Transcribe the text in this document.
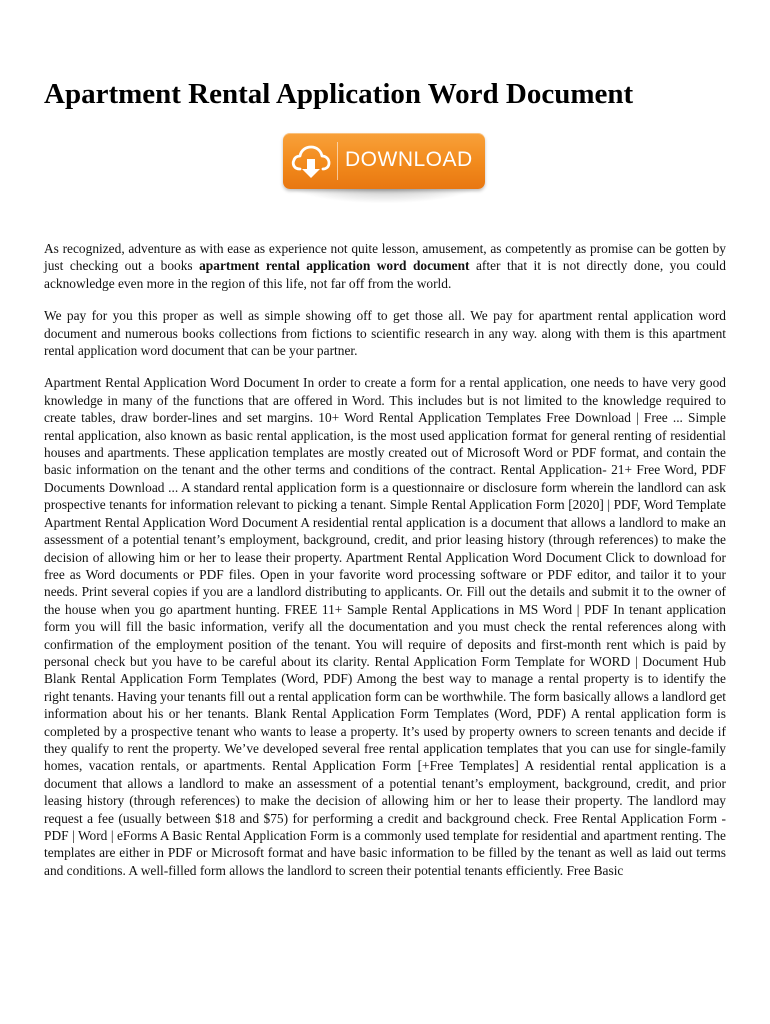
Apartment Rental Application Word Document
DOWNLOAD

As recognized, adventure as with ease as experience not quite lesson, amusement, as competently as promise can be gotten by just checking out a books apartment rental application word document after that it is not directly done, you could acknowledge even more in the region of this life, not far off from the world.

We pay for you this proper as well as simple showing off to get those all. We pay for apartment rental application word document and numerous books collections from fictions to scientific research in any way. along with them is this apartment rental application word document that can be your partner.

Apartment Rental Application Word Document In order to create a form for a rental application, one needs to have very good knowledge in many of the functions that are offered in Word. This includes but is not limited to the knowledge required to create tables, draw border-lines and set margins. 10+ Word Rental Application Templates Free Download | Free ... Simple rental application, also known as basic rental application, is the most used application format for general renting of residential houses and apartments. These application templates are mostly created out of Microsoft Word or PDF format, and contain the basic information on the tenant and the other terms and conditions of the contract. Rental Application- 21+ Free Word, PDF Documents Download ... A standard rental application form is a questionnaire or disclosure form wherein the landlord can ask prospective tenants for information relevant to picking a tenant. Simple Rental Application Form [2020] | PDF, Word Template Apartment Rental Application Word Document A residential rental application is a document that allows a landlord to make an assessment of a potential tenant’s employment, background, credit, and prior leasing history (through references) to make the decision of allowing him or her to lease their property. Apartment Rental Application Word Document Click to download for free as Word documents or PDF files. Open in your favorite word processing software or PDF editor, and tailor it to your needs. Print several copies if you are a landlord distributing to applicants. Or. Fill out the details and submit it to the owner of the house when you go apartment hunting. FREE 11+ Sample Rental Applications in MS Word | PDF In tenant application form you will fill the basic information, verify all the documentation and you must check the rental references along with confirmation of the employment position of the tenant. You will require of deposits and first-month rent which is paid by personal check but you have to be careful about its clarity. Rental Application Form Template for WORD | Document Hub Blank Rental Application Form Templates (Word, PDF) Among the best way to manage a rental property is to identify the right tenants. Having your tenants fill out a rental application form can be worthwhile. The form basically allows a landlord get information about his or her tenants. Blank Rental Application Form Templates (Word, PDF) A rental application form is completed by a prospective tenant who wants to lease a property. It’s used by property owners to screen tenants and decide if they qualify to rent the property. We’ve developed several free rental application templates that you can use for single-family homes, vacation rentals, or apartments. Rental Application Form [+Free Templates] A residential rental application is a document that allows a landlord to make an assessment of a potential tenant’s employment, background, credit, and prior leasing history (through references) to make the decision of allowing him or her to lease their property. The landlord may request a fee (usually between $18 and $75) for performing a credit and background check. Free Rental Application Form - PDF | Word | eForms A Basic Rental Application Form is a commonly used template for residential and apartment renting. The templates are either in PDF or Microsoft format and have basic information to be filled by the tenant as well as laid out terms and conditions. A well-filled form allows the landlord to screen their potential tenants efficiently. Free Basic
